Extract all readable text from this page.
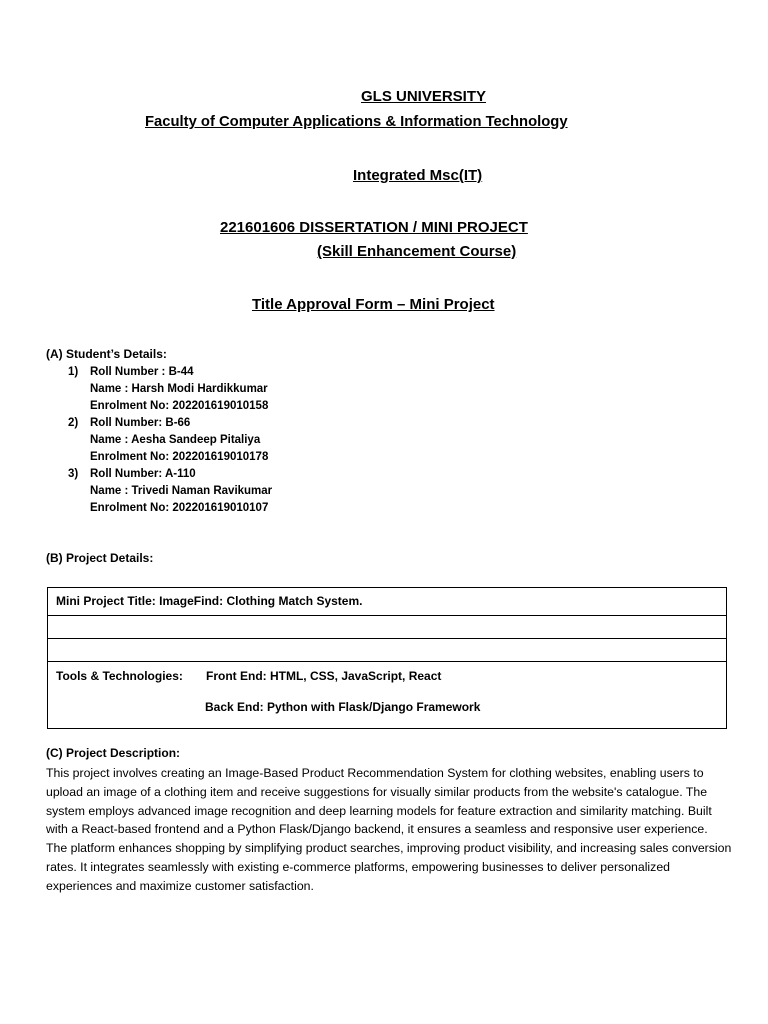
GLS UNIVERSITY
Faculty of Computer Applications & Information Technology
Integrated Msc(IT)
221601606 DISSERTATION / MINI PROJECT
(Skill Enhancement Course)
Title Approval Form – Mini Project
(A) Student’s Details:
1)	Roll Number : B-44
Name : Harsh Modi Hardikkumar
Enrolment No: 202201619010158
2)	Roll Number: B-66
Name : Aesha Sandeep Pitaliya
Enrolment No: 202201619010178
3)	Roll Number: A-110
Name : Trivedi Naman Ravikumar
Enrolment No: 202201619010107
(B) Project Details:
Mini Project Title: ImageFind: Clothing Match System.

Tools & Technologies: Front End: HTML, CSS, JavaScript, React
Back End: Python with Flask/Django Framework
(C) Project Description:

This project involves creating an Image-Based Product Recommendation System for clothing websites, enabling users to upload an image of a clothing item and receive suggestions for visually similar products from the website's catalogue. The system employs advanced image recognition and deep learning models for feature extraction and similarity matching. Built with a React-based frontend and a Python Flask/Django backend, it ensures a seamless and responsive user experience.

The platform enhances shopping by simplifying product searches, improving product visibility, and increasing sales conversion rates. It integrates seamlessly with existing e-commerce platforms, empowering businesses to deliver personalized experiences and maximize customer satisfaction.
